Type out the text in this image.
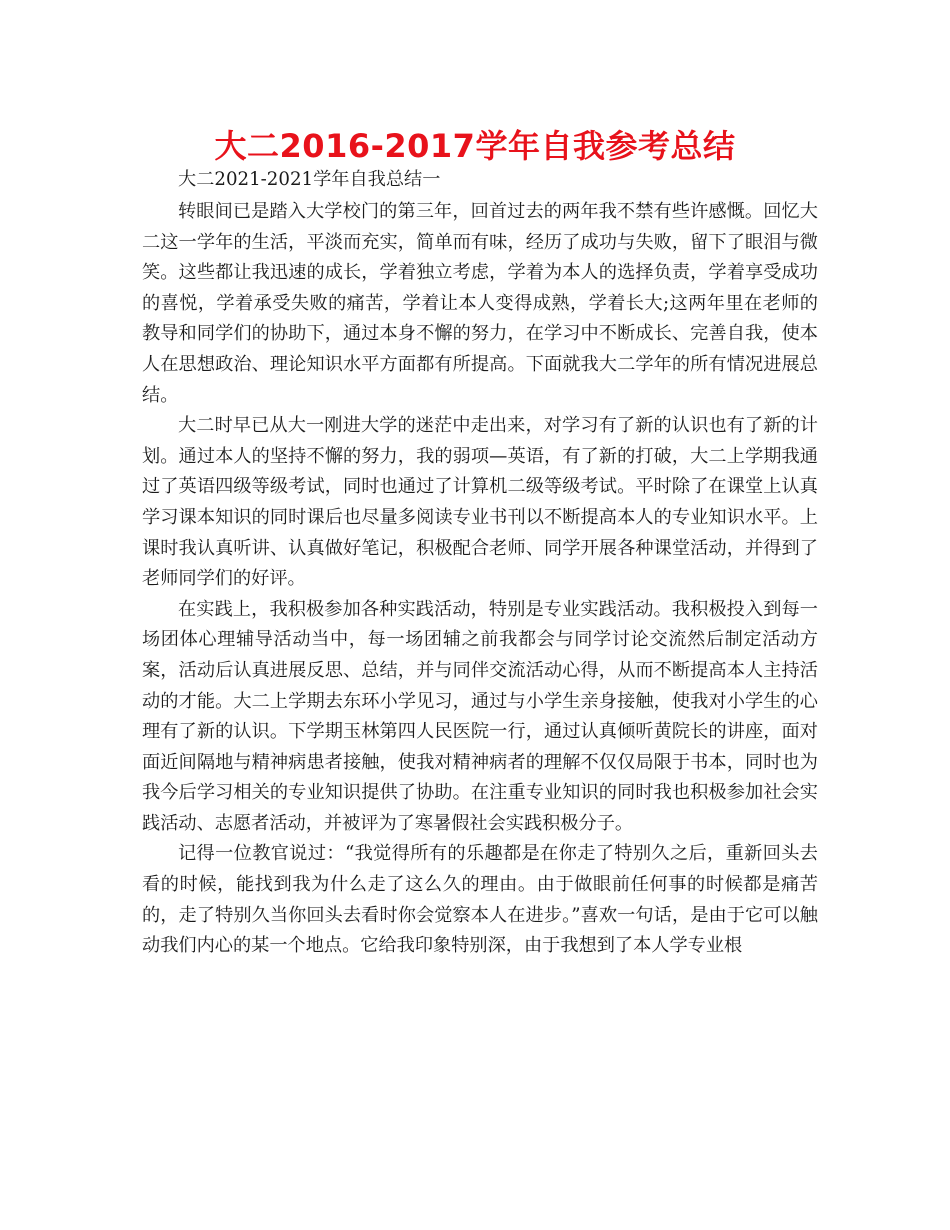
大二2016-2017学年自我参考总结

大二2021-2021学年自我总结一

转眼间已是踏入大学校门的第三年，回首过去的两年我不禁有些许感慨。回忆大二这一学年的生活，平淡而充实，简单而有味，经历了成功与失败，留下了眼泪与微笑。这些都让我迅速的成长，学着独立考虑，学着为本人的选择负责，学着享受成功的喜悦，学着承受失败的痛苦，学着让本人变得成熟，学着长大;这两年里在老师的教导和同学们的协助下，通过本身不懈的努力，在学习中不断成长、完善自我，使本人在思想政治、理论知识水平方面都有所提高。下面就我大二学年的所有情况进展总结。

大二时早已从大一刚进大学的迷茫中走出来，对学习有了新的认识也有了新的计划。通过本人的坚持不懈的努力，我的弱项—英语，有了新的打破，大二上学期我通过了英语四级等级考试，同时也通过了计算机二级等级考试。平时除了在课堂上认真学习课本知识的同时课后也尽量多阅读专业书刊以不断提高本人的专业知识水平。上课时我认真听讲、认真做好笔记，积极配合老师、同学开展各种课堂活动，并得到了老师同学们的好评。

在实践上，我积极参加各种实践活动，特别是专业实践活动。我积极投入到每一场团体心理辅导活动当中，每一场团辅之前我都会与同学讨论交流然后制定活动方案，活动后认真进展反思、总结，并与同伴交流活动心得，从而不断提高本人主持活动的才能。大二上学期去东环小学见习，通过与小学生亲身接触，使我对小学生的心理有了新的认识。下学期玉林第四人民医院一行，通过认真倾听黄院长的讲座，面对面近间隔地与精神病患者接触，使我对精神病者的理解不仅仅局限于书本，同时也为我今后学习相关的专业知识提供了协助。在注重专业知识的同时我也积极参加社会实践活动、志愿者活动，并被评为了寒暑假社会实践积极分子。

记得一位教官说过：“我觉得所有的乐趣都是在你走了特别久之后，重新回头去看的时候，能找到我为什么走了这么久的理由。由于做眼前任何事的时候都是痛苦的，走了特别久当你回头去看时你会觉察本人在进步。”喜欢一句话，是由于它可以触动我们内心的某一个地点。它给我印象特别深，由于我想到了本人学专业根
